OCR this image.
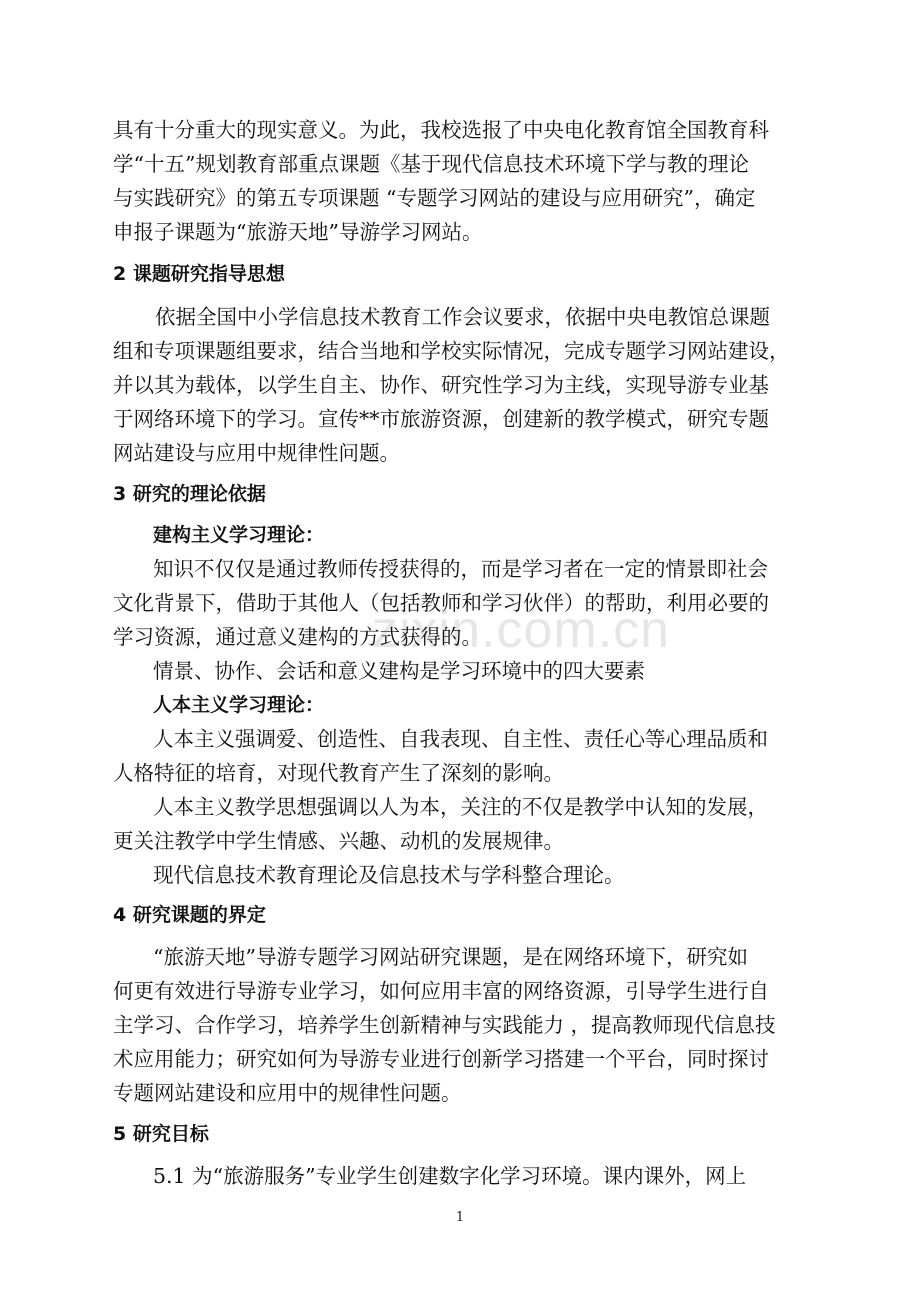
zixin.com.cn
具有十分重大的现实意义。为此，我校选报了中央电化教育馆全国教育科
学“十五”规划教育部重点课题《基于现代信息技术环境下学与教的理论
与实践研究》的第五专项课题 “专题学习网站的建设与应用研究”，确定
申报子课题为“旅游天地”导游学习网站。
2 课题研究指导思想
依据全国中小学信息技术教育工作会议要求，依据中央电教馆总课题
组和专项课题组要求，结合当地和学校实际情况，完成专题学习网站建设，
并以其为载体，以学生自主、协作、研究性学习为主线，实现导游专业基
于网络环境下的学习。宣传**市旅游资源，创建新的教学模式，研究专题
网站建设与应用中规律性问题。
3 研究的理论依据
建构主义学习理论：
知识不仅仅是通过教师传授获得的，而是学习者在一定的情景即社会
文化背景下，借助于其他人（包括教师和学习伙伴）的帮助，利用必要的
学习资源，通过意义建构的方式获得的。
情景、协作、会话和意义建构是学习环境中的四大要素
人本主义学习理论：
人本主义强调爱、创造性、自我表现、自主性、责任心等心理品质和
人格特征的培育，对现代教育产生了深刻的影响。
人本主义教学思想强调以人为本，关注的不仅是教学中认知的发展，
更关注教学中学生情感、兴趣、动机的发展规律。
现代信息技术教育理论及信息技术与学科整合理论。
4 研究课题的界定
“旅游天地”导游专题学习网站研究课题，是在网络环境下，研究如
何更有效进行导游专业学习，如何应用丰富的网络资源，引导学生进行自
主学习、合作学习，培养学生创新精神与实践能力 ，提高教师现代信息技
术应用能力；研究如何为导游专业进行创新学习搭建一个平台，同时探讨
专题网站建设和应用中的规律性问题。
5 研究目标
5.1 为“旅游服务”专业学生创建数字化学习环境。课内课外，网上
1
